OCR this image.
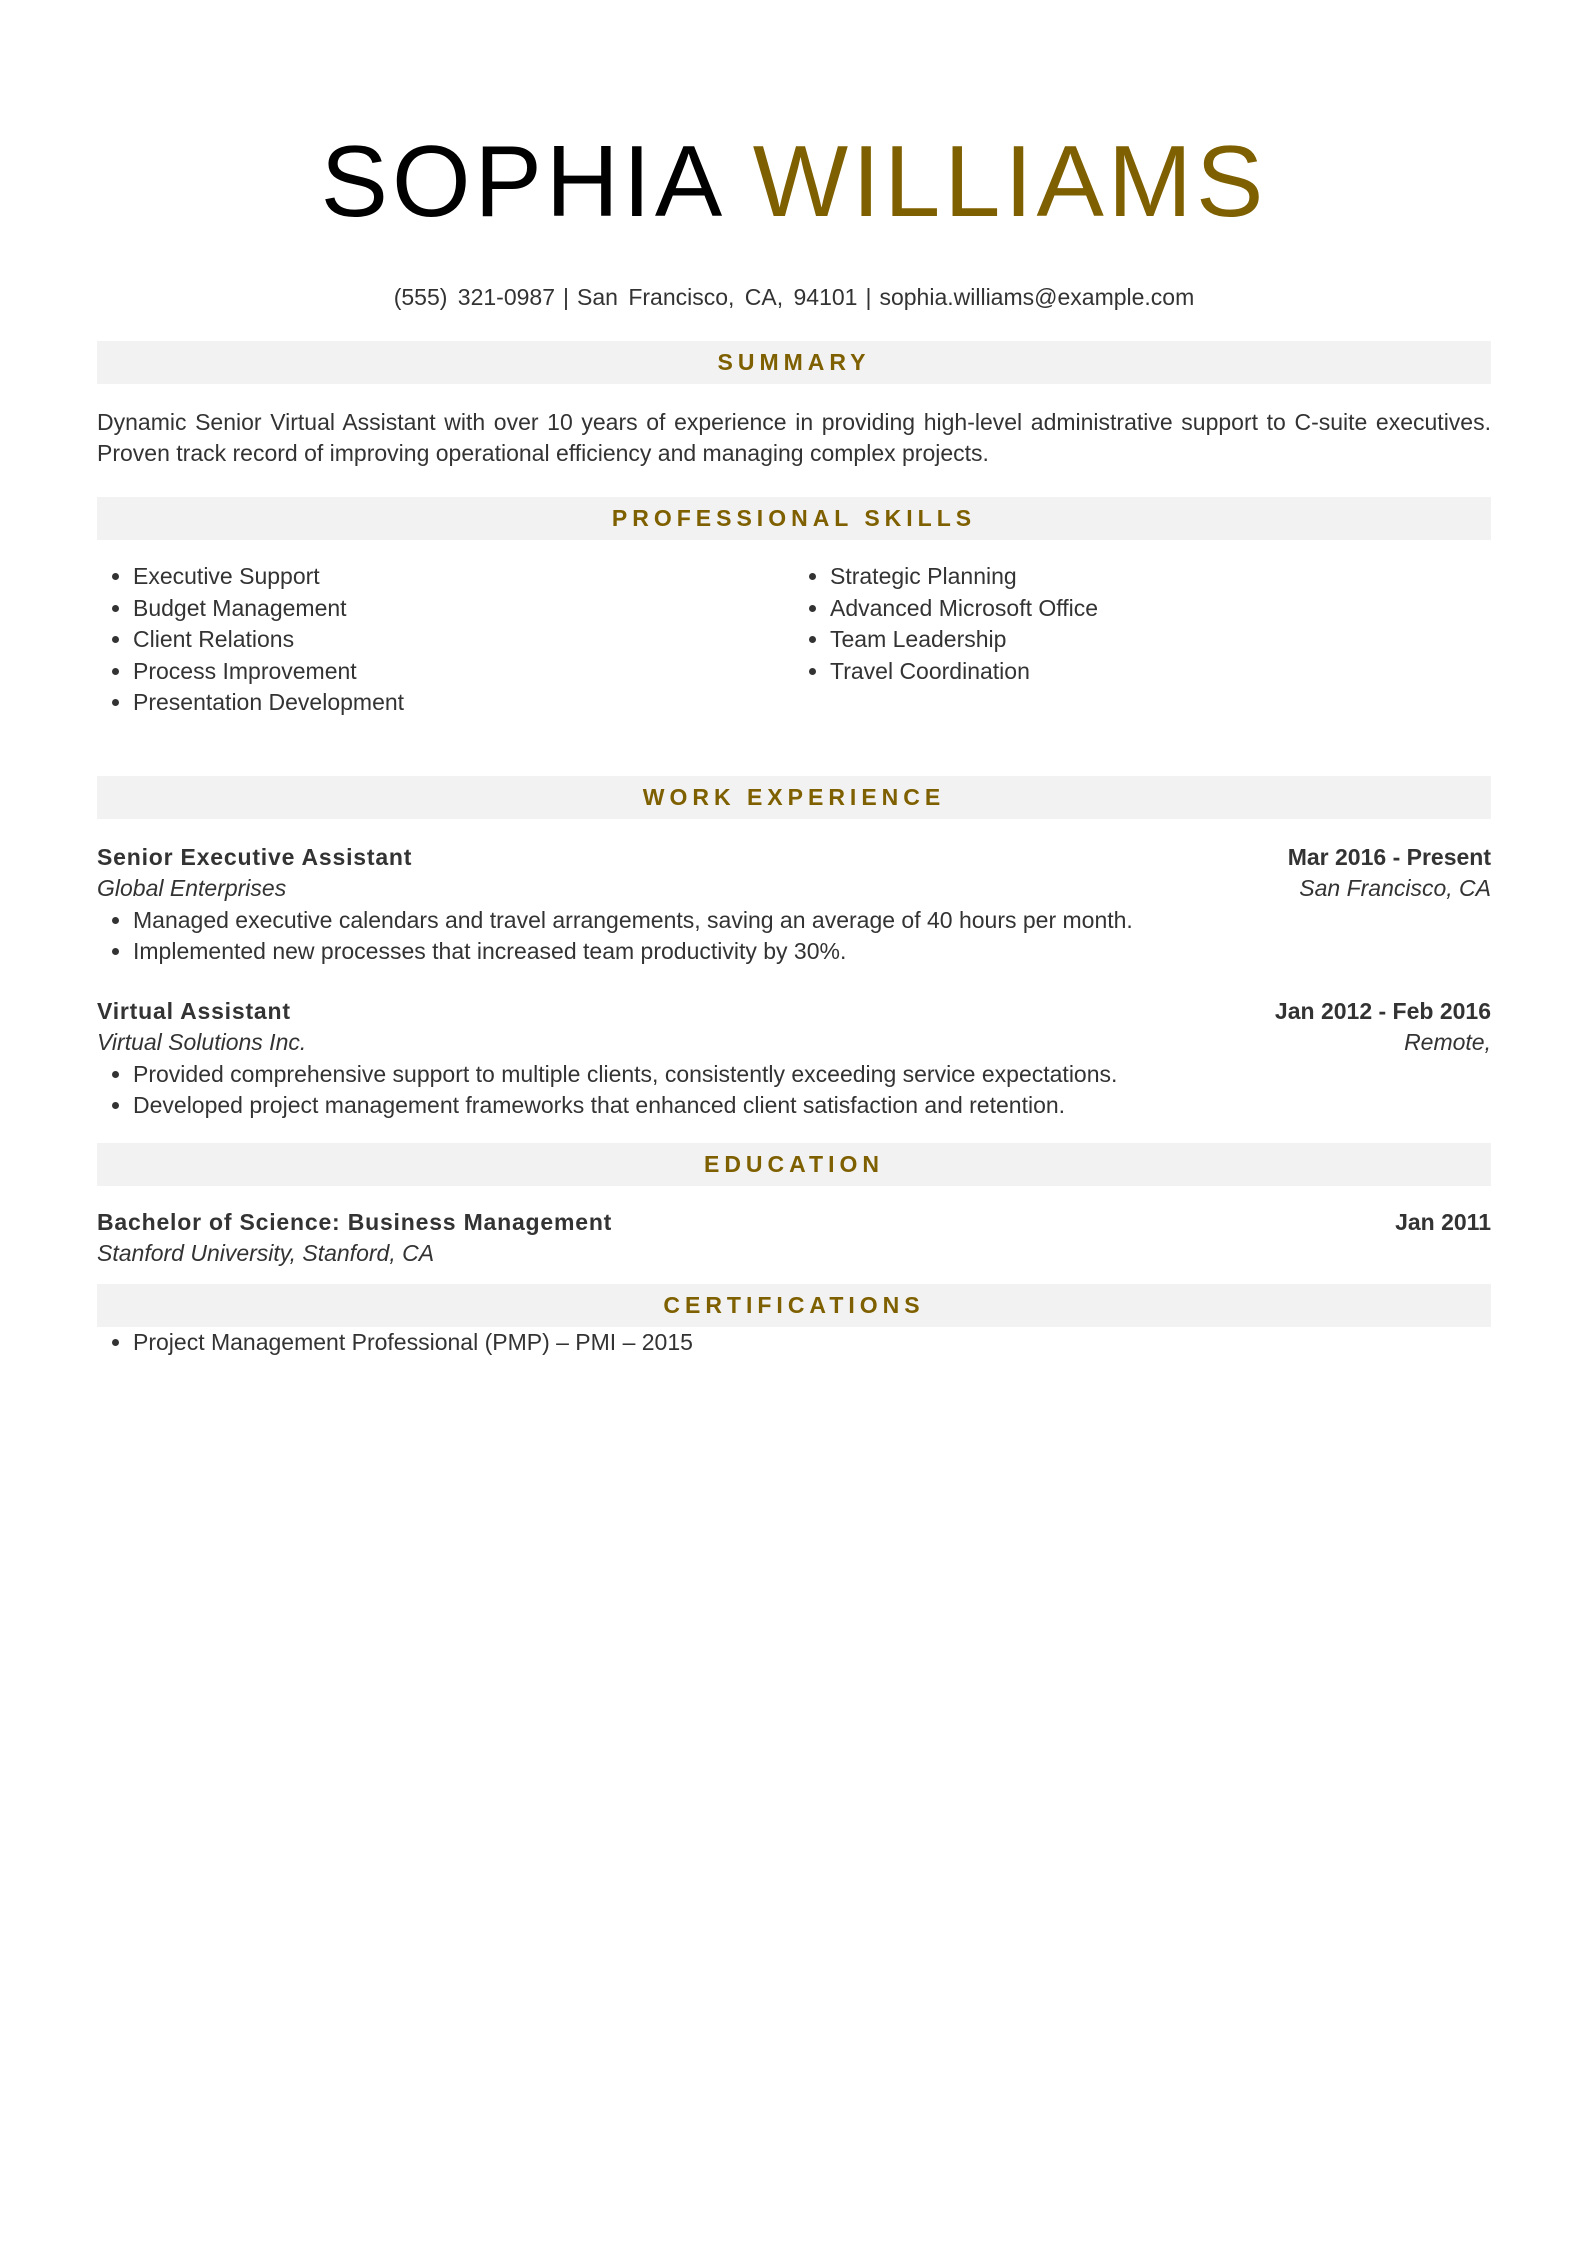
SOPHIA WILLIAMS
(555) 321-0987 | San Francisco, CA, 94101 | sophia.williams@example.com
SUMMARY

Dynamic Senior Virtual Assistant with over 10 years of experience in providing high-level administrative support to C-suite executives. Proven track record of improving operational efficiency and managing complex projects.

PROFESSIONAL SKILLS
• Executive Support
• Budget Management
• Client Relations
• Process Improvement
• Presentation Development
• Strategic Planning
• Advanced Microsoft Office
• Team Leadership
• Travel Coordination
WORK EXPERIENCE
Senior Executive Assistant	Mar 2016 - Present
Global Enterprises	San Francisco, CA
• Managed executive calendars and travel arrangements, saving an average of 40 hours per month.
• Implemented new processes that increased team productivity by 30%.
Virtual Assistant	Jan 2012 - Feb 2016
Virtual Solutions Inc.	Remote,
• Provided comprehensive support to multiple clients, consistently exceeding service expectations.
• Developed project management frameworks that enhanced client satisfaction and retention.
EDUCATION
Bachelor of Science: Business Management	Jan 2011
Stanford University, Stanford, CA
CERTIFICATIONS
• Project Management Professional (PMP) – PMI – 2015
